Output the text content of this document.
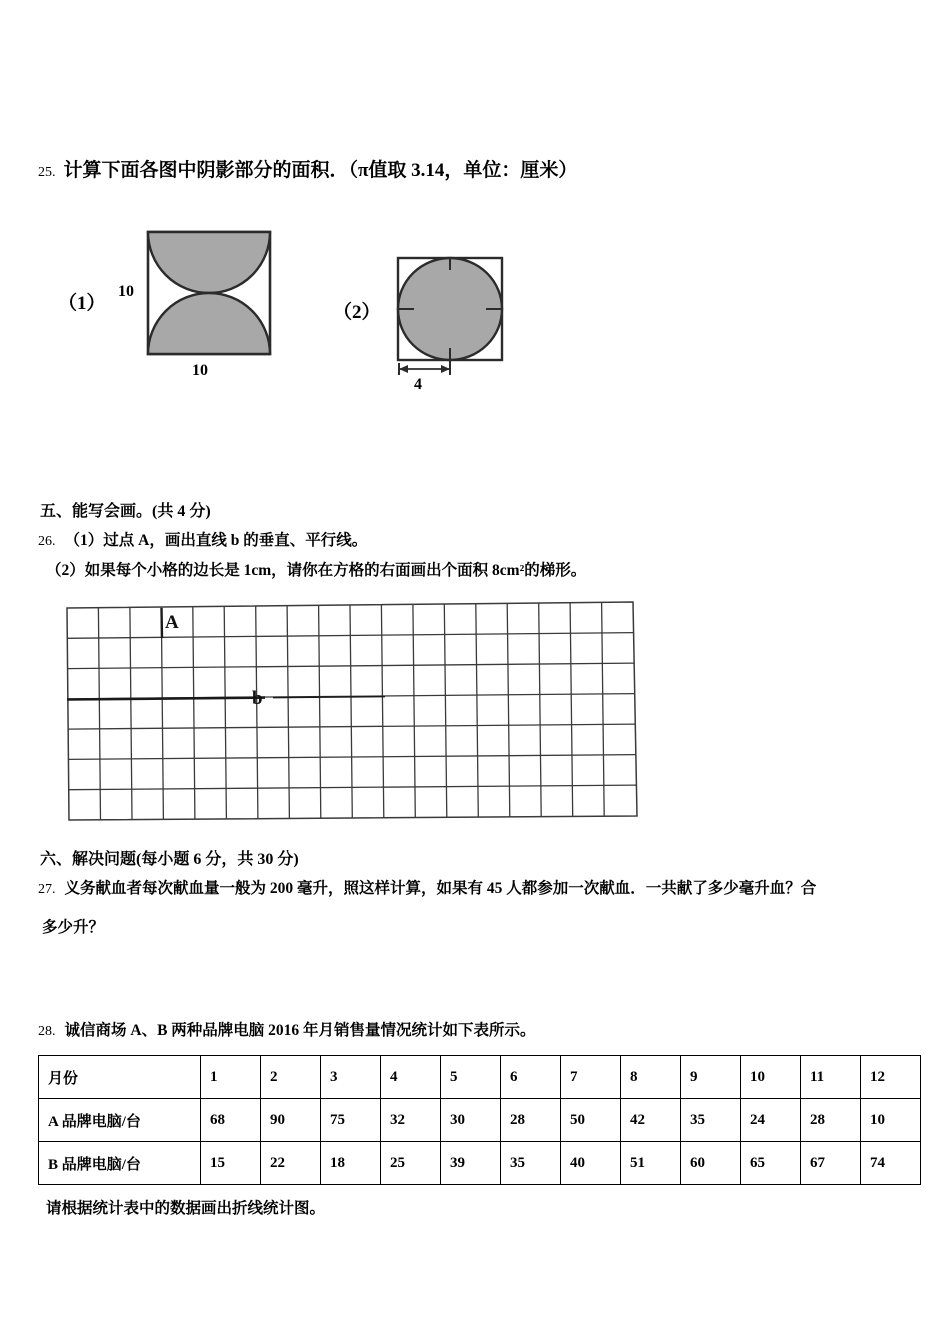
25. 计算下面各图中阴影部分的面积．（π值取 3.14，单位：厘米）
（1）
10
10
（2）
4
五、能写会画。(共 4 分)
26. （1）过点 A，画出直线 b 的垂直、平行线。
（2）如果每个小格的边长是 1cm，请你在方格的右面画出个面积 8cm²的梯形。
A
b
六、解决问题(每小题 6 分，共 30 分)
27. 义务献血者每次献血量一般为 200 毫升，照这样计算，如果有 45 人都参加一次献血．一共献了多少毫升血？合
多少升？
28. 诚信商场 A、B 两种品牌电脑 2016 年月销售量情况统计如下表所示。
月份	1	2	3	4	5	6	7	8	9	10	11	12
A 品牌电脑/台	68	90	75	32	30	28	50	42	35	24	28	10
B 品牌电脑/台	15	22	18	25	39	35	40	51	60	65	67	74
请根据统计表中的数据画出折线统计图。
